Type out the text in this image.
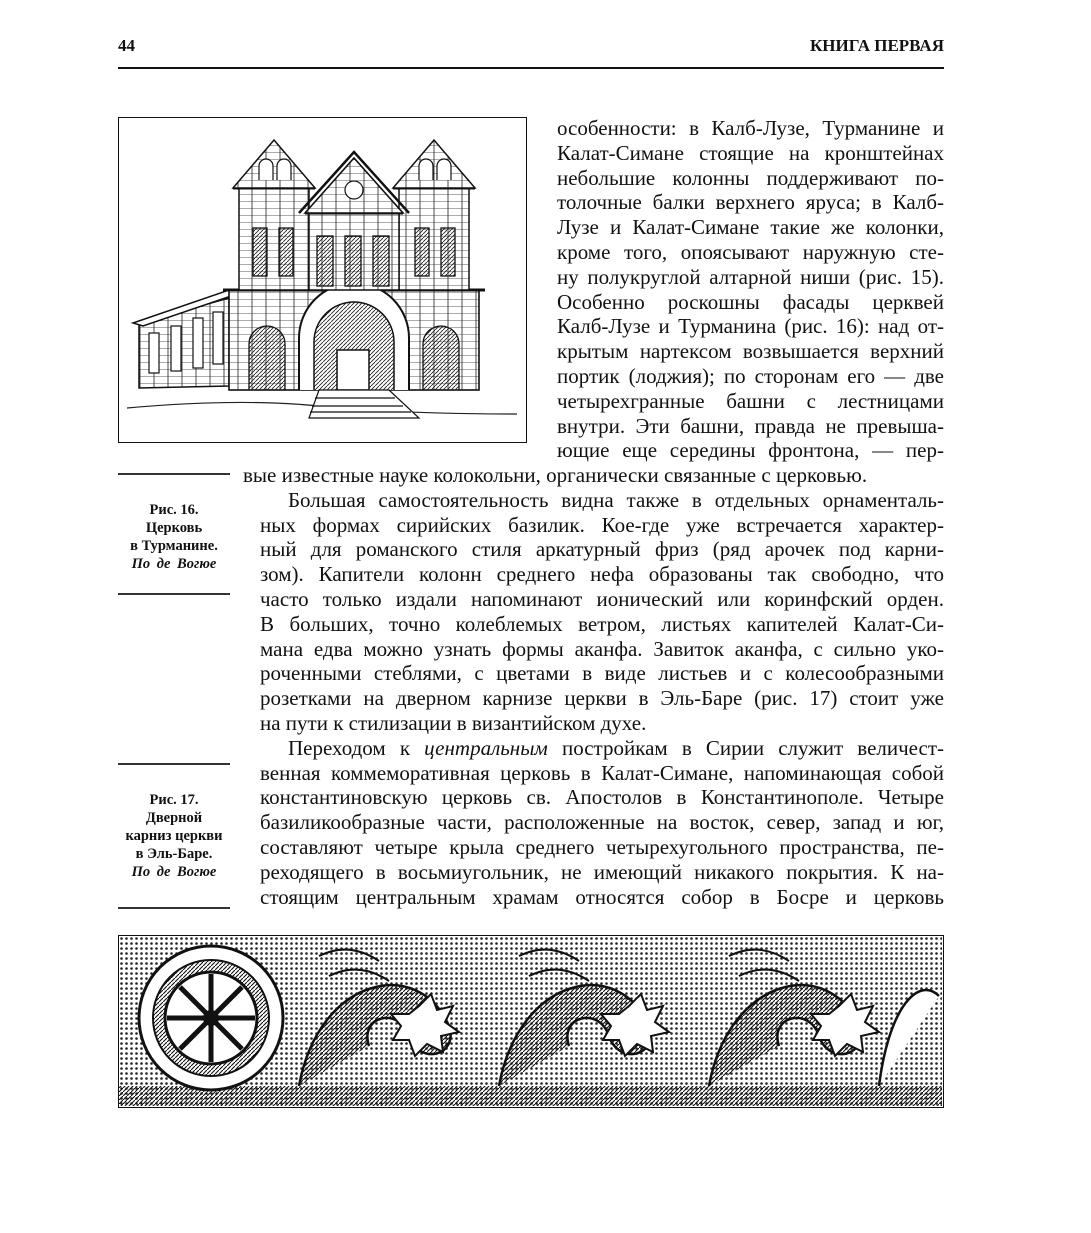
44	КНИГА ПЕРВАЯ
особенности: в Калб-Лузе, Турманине и
Калат-Симане стоящие на кронштейнах
небольшие колонны поддерживают по-
толочные балки верхнего яруса; в Калб-
Лузе и Калат-Симане такие же колонки,
кроме того, опоясывают наружную сте-
ну полукруглой алтарной ниши (рис. 15).
Особенно роскошны фасады церквей
Калб-Лузе и Турманина (рис. 16): над от-
крытым нартексом возвышается верхний
портик (лоджия); по сторонам его — две
четырехгранные башни с лестницами
внутри. Эти башни, правда не превыша-
ющие еще середины фронтона, — пер-
Рис. 16.
Церковь
в Турманине.
По де Вогюе
вые известные науке колокольни, органически связанные с церковью.
Большая самостоятельность видна также в отдельных орнаменталь-
ных формах сирийских базилик. Кое-где уже встречается характер-
ный для романского стиля аркатурный фриз (ряд арочек под карни-
зом). Капители колонн среднего нефа образованы так свободно, что
часто только издали напоминают ионический или коринфский орден.
В больших, точно колеблемых ветром, листьях капителей Калат-Си-
мана едва можно узнать формы аканфа. Завиток аканфа, с сильно уко-
роченными стеблями, с цветами в виде листьев и с колесообразными
розетками на дверном карнизе церкви в Эль-Баре (рис. 17) стоит уже
на пути к стилизации в византийском духе.
Переходом к центральным постройкам в Сирии служит величест-
венная коммеморативная церковь в Калат-Симане, напоминающая собой
константиновскую церковь св. Апостолов в Константинополе. Четыре
базиликообразные части, расположенные на восток, север, запад и юг,
составляют четыре крыла среднего четырехугольного пространства, пе-
реходящего в восьмиугольник, не имеющий никакого покрытия. К на-
стоящим центральным храмам относятся собор в Босре и церковь
Рис. 17.
Дверной
карниз церкви
в Эль-Баре.
По де Вогюе
